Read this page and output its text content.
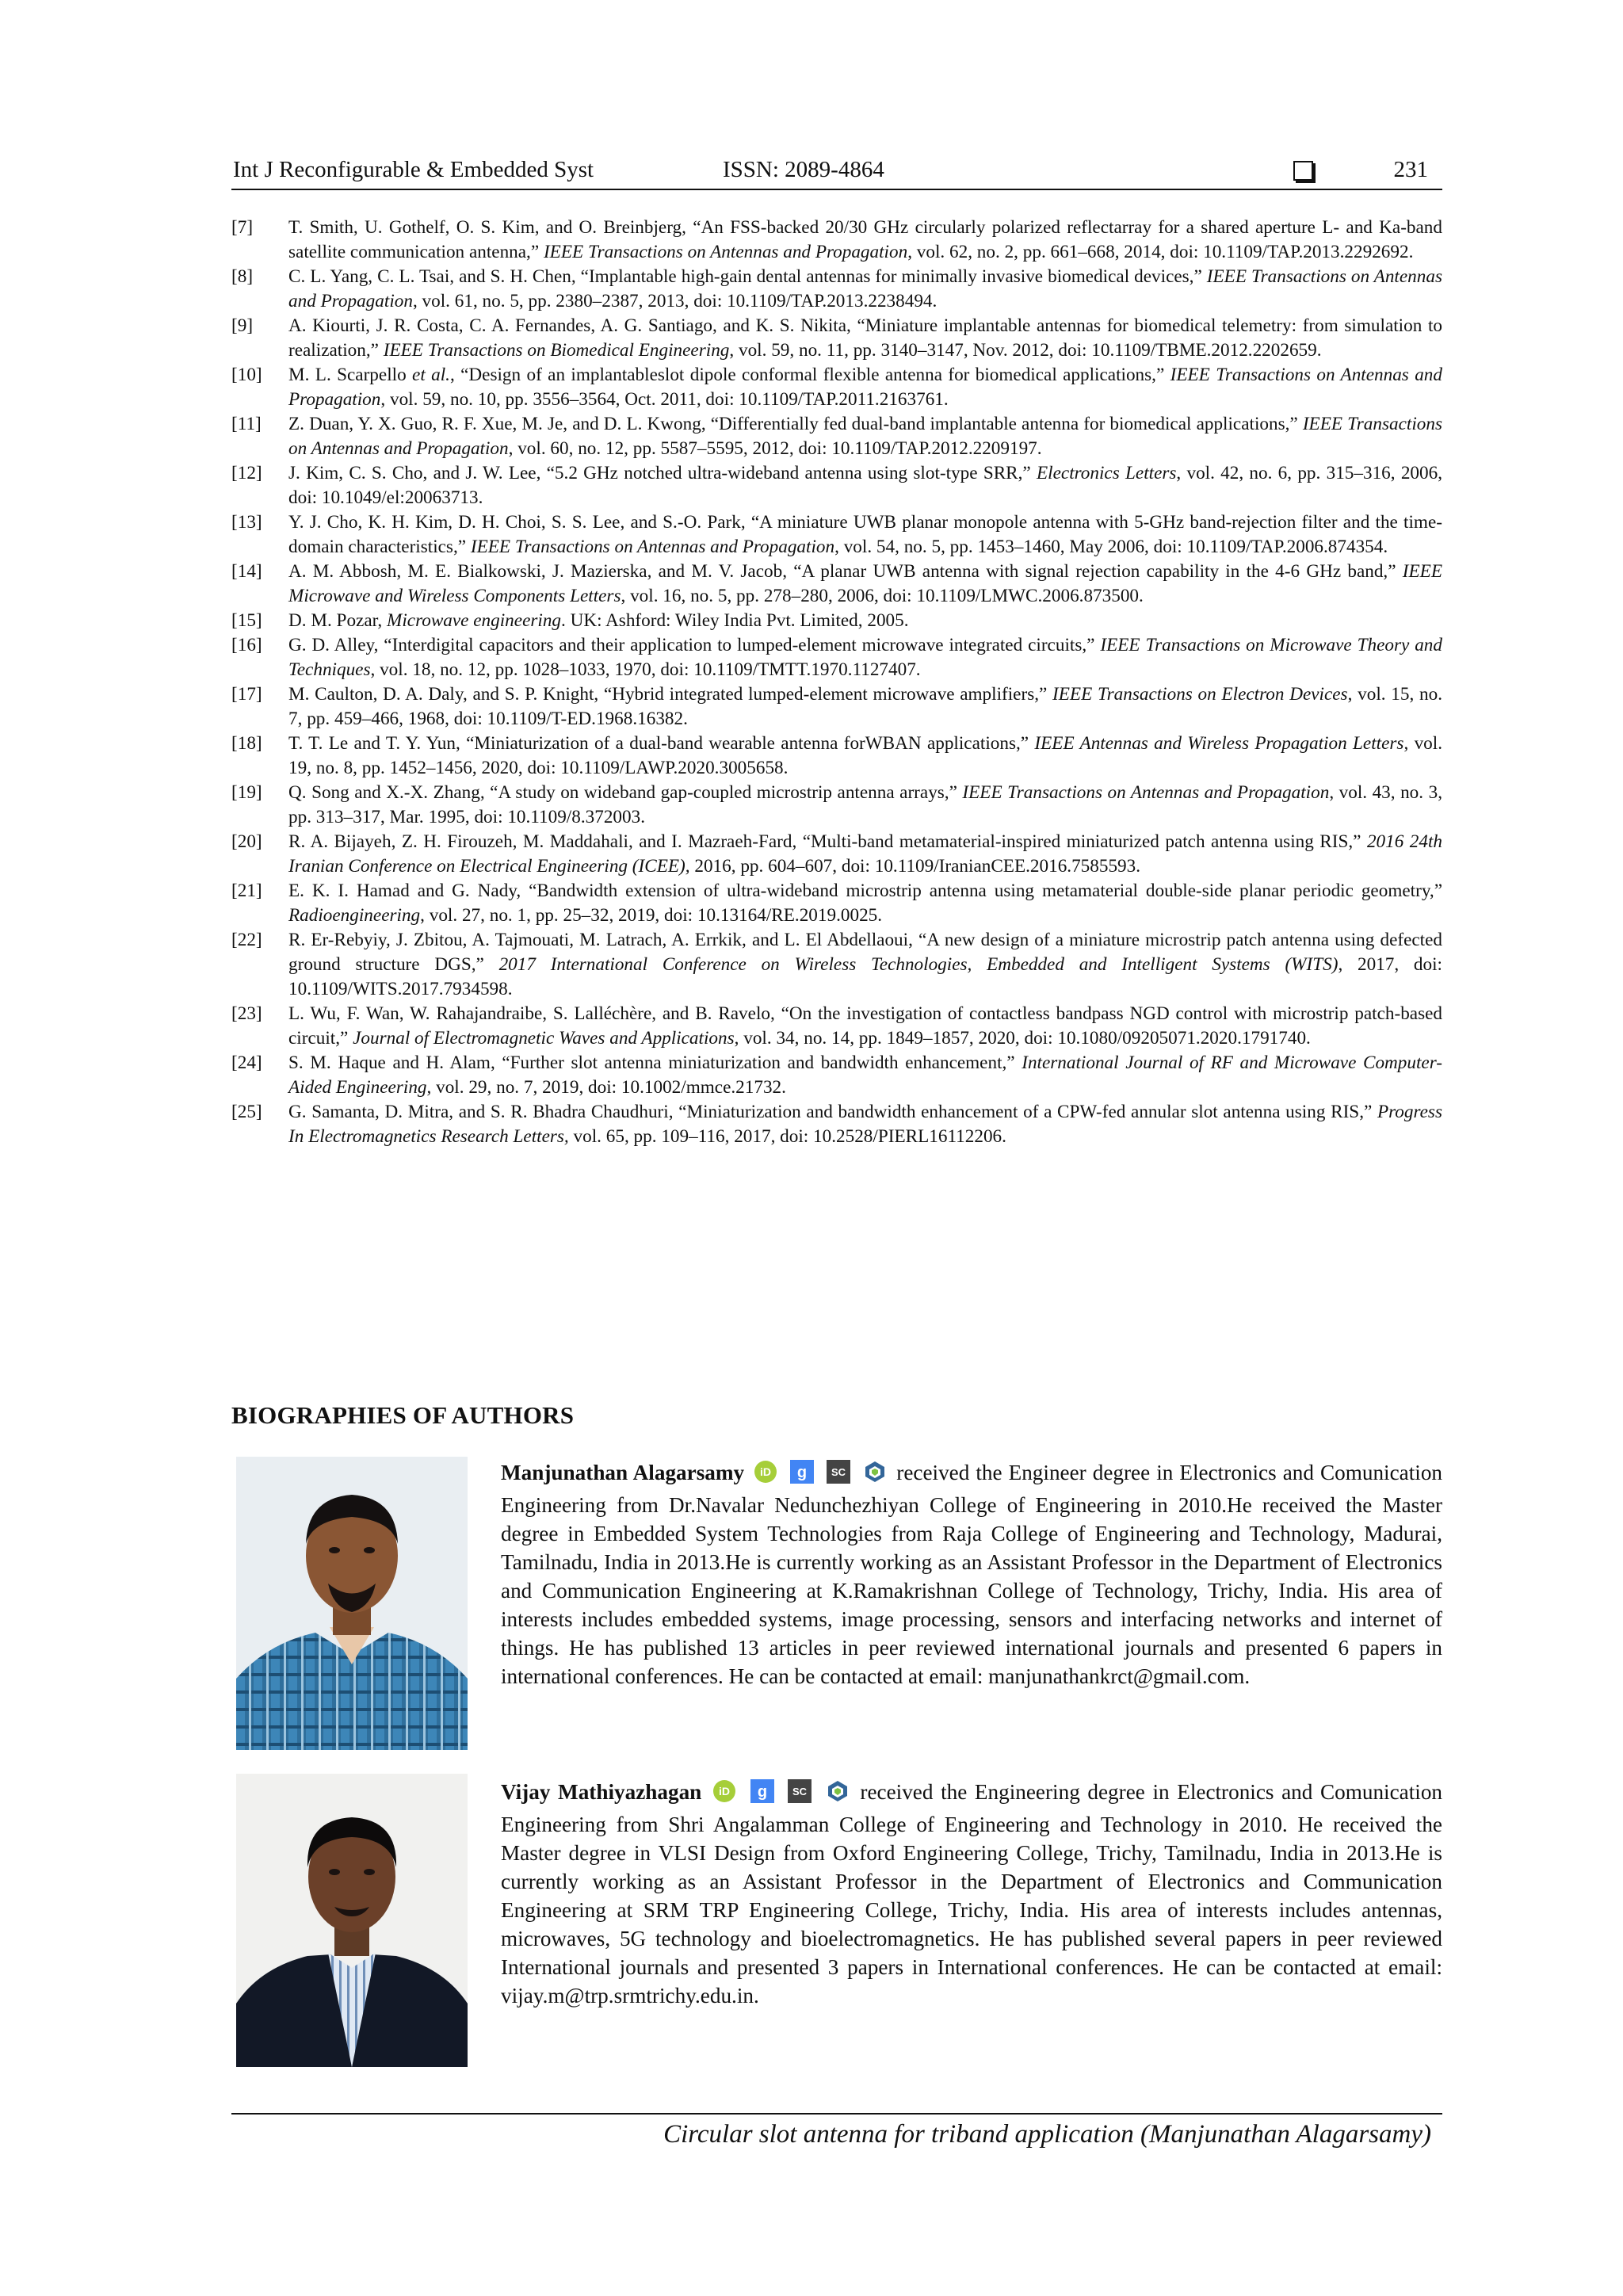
Int J Reconfigurable & Embedded Syst	ISSN: 2089-4864	231
[7] T. Smith, U. Gothelf, O. S. Kim, and O. Breinbjerg, “An FSS-backed 20/30 GHz circularly polarized reflectarray for a shared aperture L- and Ka-band satellite communication antenna,” IEEE Transactions on Antennas and Propagation, vol. 62, no. 2, pp. 661–668, 2014, doi: 10.1109/TAP.2013.2292692.
[8] C. L. Yang, C. L. Tsai, and S. H. Chen, “Implantable high-gain dental antennas for minimally invasive biomedical devices,” IEEE Transactions on Antennas and Propagation, vol. 61, no. 5, pp. 2380–2387, 2013, doi: 10.1109/TAP.2013.2238494.
[9] A. Kiourti, J. R. Costa, C. A. Fernandes, A. G. Santiago, and K. S. Nikita, “Miniature implantable antennas for biomedical telemetry: from simulation to realization,” IEEE Transactions on Biomedical Engineering, vol. 59, no. 11, pp. 3140–3147, Nov. 2012, doi: 10.1109/TBME.2012.2202659.
[10] M. L. Scarpello et al., “Design of an implantableslot dipole conformal flexible antenna for biomedical applications,” IEEE Transactions on Antennas and Propagation, vol. 59, no. 10, pp. 3556–3564, Oct. 2011, doi: 10.1109/TAP.2011.2163761.
[11] Z. Duan, Y. X. Guo, R. F. Xue, M. Je, and D. L. Kwong, “Differentially fed dual-band implantable antenna for biomedical applications,” IEEE Transactions on Antennas and Propagation, vol. 60, no. 12, pp. 5587–5595, 2012, doi: 10.1109/TAP.2012.2209197.
[12] J. Kim, C. S. Cho, and J. W. Lee, “5.2 GHz notched ultra-wideband antenna using slot-type SRR,” Electronics Letters, vol. 42, no. 6, pp. 315–316, 2006, doi: 10.1049/el:20063713.
[13] Y. J. Cho, K. H. Kim, D. H. Choi, S. S. Lee, and S.-O. Park, “A miniature UWB planar monopole antenna with 5-GHz band-rejection filter and the time-domain characteristics,” IEEE Transactions on Antennas and Propagation, vol. 54, no. 5, pp. 1453–1460, May 2006, doi: 10.1109/TAP.2006.874354.
[14] A. M. Abbosh, M. E. Bialkowski, J. Mazierska, and M. V. Jacob, “A planar UWB antenna with signal rejection capability in the 4-6 GHz band,” IEEE Microwave and Wireless Components Letters, vol. 16, no. 5, pp. 278–280, 2006, doi: 10.1109/LMWC.2006.873500.
[15] D. M. Pozar, Microwave engineering. UK: Ashford: Wiley India Pvt. Limited, 2005.
[16] G. D. Alley, “Interdigital capacitors and their application to lumped-element microwave integrated circuits,” IEEE Transactions on Microwave Theory and Techniques, vol. 18, no. 12, pp. 1028–1033, 1970, doi: 10.1109/TMTT.1970.1127407.
[17] M. Caulton, D. A. Daly, and S. P. Knight, “Hybrid integrated lumped-element microwave amplifiers,” IEEE Transactions on Electron Devices, vol. 15, no. 7, pp. 459–466, 1968, doi: 10.1109/T-ED.1968.16382.
[18] T. T. Le and T. Y. Yun, “Miniaturization of a dual-band wearable antenna forWBAN applications,” IEEE Antennas and Wireless Propagation Letters, vol. 19, no. 8, pp. 1452–1456, 2020, doi: 10.1109/LAWP.2020.3005658.
[19] Q. Song and X.-X. Zhang, “A study on wideband gap-coupled microstrip antenna arrays,” IEEE Transactions on Antennas and Propagation, vol. 43, no. 3, pp. 313–317, Mar. 1995, doi: 10.1109/8.372003.
[20] R. A. Bijayeh, Z. H. Firouzeh, M. Maddahali, and I. Mazraeh-Fard, “Multi-band metamaterial-inspired miniaturized patch antenna using RIS,” 2016 24th Iranian Conference on Electrical Engineering (ICEE), 2016, pp. 604–607, doi: 10.1109/IranianCEE.2016.7585593.
[21] E. K. I. Hamad and G. Nady, “Bandwidth extension of ultra-wideband microstrip antenna using metamaterial double-side planar periodic geometry,” Radioengineering, vol. 27, no. 1, pp. 25–32, 2019, doi: 10.13164/RE.2019.0025.
[22] R. Er-Rebyiy, J. Zbitou, A. Tajmouati, M. Latrach, A. Errkik, and L. El Abdellaoui, “A new design of a miniature microstrip patch antenna using defected ground structure DGS,” 2017 International Conference on Wireless Technologies, Embedded and Intelligent Systems (WITS), 2017, doi: 10.1109/WITS.2017.7934598.
[23] L. Wu, F. Wan, W. Rahajandraibe, S. Lalléchère, and B. Ravelo, “On the investigation of contactless bandpass NGD control with microstrip patch-based circuit,” Journal of Electromagnetic Waves and Applications, vol. 34, no. 14, pp. 1849–1857, 2020, doi: 10.1080/09205071.2020.1791740.
[24] S. M. Haque and H. Alam, “Further slot antenna miniaturization and bandwidth enhancement,” International Journal of RF and Microwave Computer-Aided Engineering, vol. 29, no. 7, 2019, doi: 10.1002/mmce.21732.
[25] G. Samanta, D. Mitra, and S. R. Bhadra Chaudhuri, “Miniaturization and bandwidth enhancement of a CPW-fed annular slot antenna using RIS,” Progress In Electromagnetics Research Letters, vol. 65, pp. 109–116, 2017, doi: 10.2528/PIERL16112206.
BIOGRAPHIES OF AUTHORS
Manjunathan Alagarsamy iD
g
SC received the Engineer degree in Electronics and Comunication Engineering from Dr.Navalar Nedunchezhiyan College of Engineering in 2010.He received the Master degree in Embedded System Technologies from Raja College of Engineering and Technology, Madurai, Tamilnadu, India in 2013.He is currently working as an Assistant Professor in the Department of Electronics and Communication Engineering at K.Ramakrishnan College of Technology, Trichy, India. His area of interests includes embedded systems, image processing, sensors and interfacing networks and internet of things. He has published 13 articles in peer reviewed international journals and presented 6 papers in international conferences. He can be contacted at email: manjunathankrct@gmail.com.
Vijay Mathiyazhagan iD
g
SC received the Engineering degree in Electronics and Comunication Engineering from Shri Angalamman College of Engineering and Technology in 2010. He received the Master degree in VLSI Design from Oxford Engineering College, Trichy, Tamilnadu, India in 2013.He is currently working as an Assistant Professor in the Department of Electronics and Communication Engineering at SRM TRP Engineering College, Trichy, India. His area of interests includes antennas, microwaves, 5G technology and bioelectromagnetics. He has published several papers in peer reviewed International journals and presented 3 papers in International conferences. He can be contacted at email: vijay.m@trp.srmtrichy.edu.in.
Circular slot antenna for triband application (Manjunathan Alagarsamy)
